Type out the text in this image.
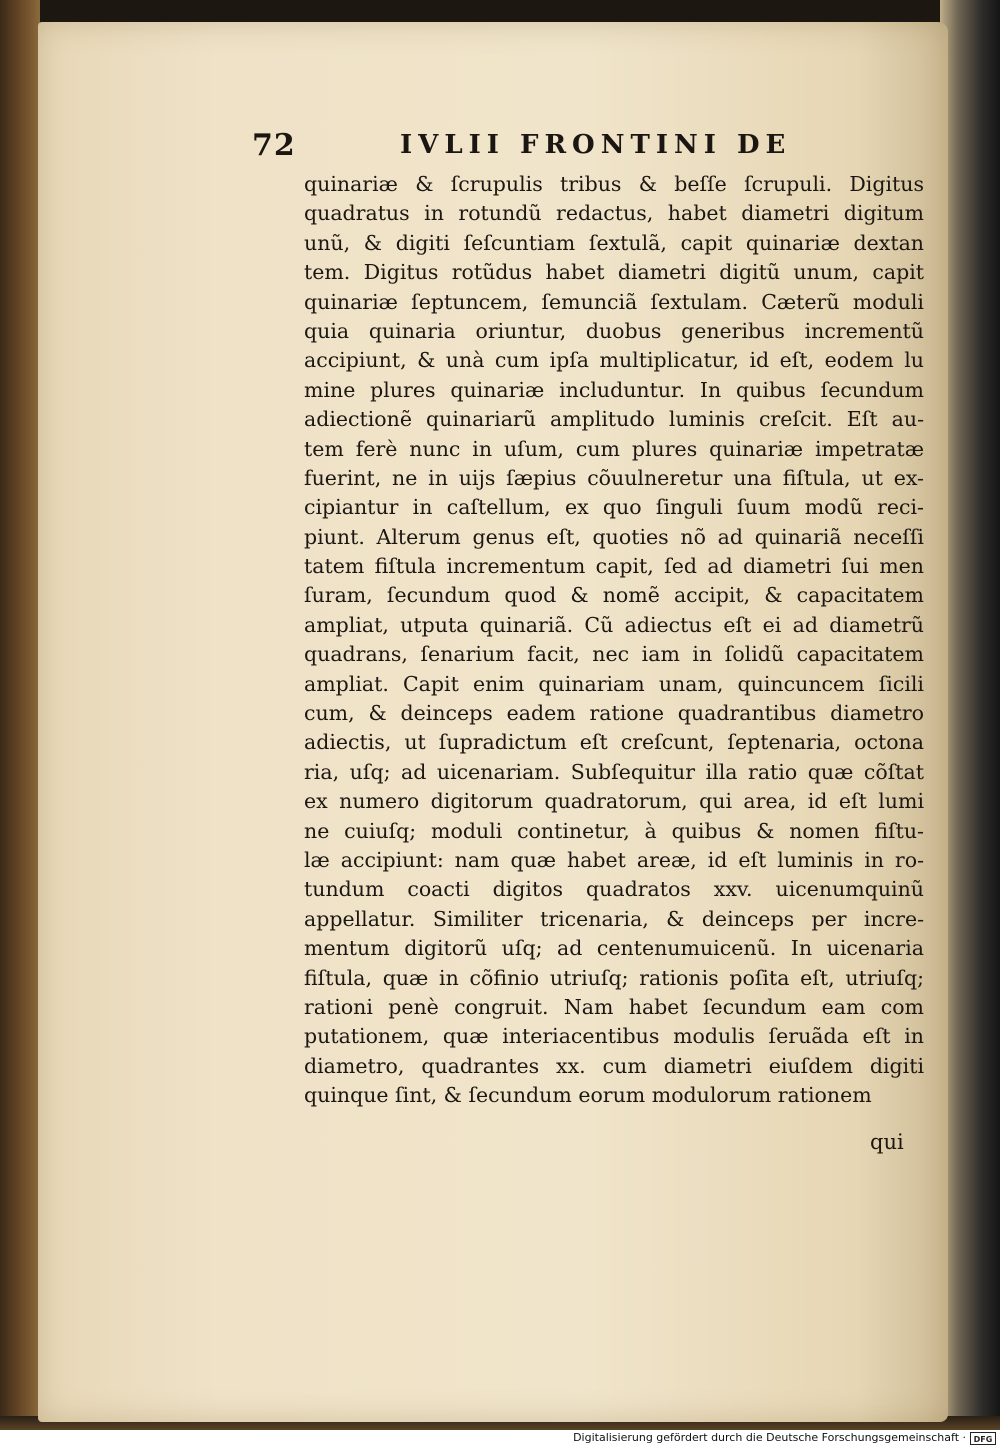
72	IVLII FRONTINI DE
quinariæ & ſcrupulis tribus & beſſe ſcrupuli. Digitus
quadratus in rotundũ redactus, habet diametri digitum
unũ, & digiti ſeſcuntiam ſextulã, capit quinariæ dextan
tem. Digitus rotũdus habet diametri digitũ unum, capit
quinariæ ſeptuncem, ſemunciã ſextulam. Cæterũ moduli
quia quinaria oriuntur, duobus generibus incrementũ
accipiunt, & unà cum ipſa multiplicatur, id eſt, eodem lu
mine plures quinariæ includuntur. In quibus ſecundum
adiectionẽ quinariarũ amplitudo luminis creſcit. Eſt au-
tem ferè nunc in uſum, cum plures quinariæ impetratæ
fuerint, ne in uijs ſæpius cõuulneretur una fiſtula, ut ex-
cipiantur in caſtellum, ex quo ſinguli ſuum modũ reci-
piunt. Alterum genus eſt, quoties nõ ad quinariã neceſſi
tatem fiſtula incrementum capit, ſed ad diametri ſui men
ſuram, ſecundum quod & nomẽ accipit, & capacitatem
ampliat, utputa quinariã. Cũ adiectus eſt ei ad diametrũ
quadrans, ſenarium facit, nec iam in ſolidũ capacitatem
ampliat. Capit enim quinariam unam, quincuncem ſicili
cum, & deinceps eadem ratione quadrantibus diametro
adiectis, ut ſupradictum eſt creſcunt, ſeptenaria, octona
ria, uſq; ad uicenariam. Subſequitur illa ratio quæ cõſtat
ex numero digitorum quadratorum, qui area, id eſt lumi
ne cuiuſq; moduli continetur, à quibus & nomen fiſtu-
læ accipiunt: nam quæ habet areæ, id eſt luminis in ro-
tundum coacti digitos quadratos xxv. uicenumquinũ
appellatur. Similiter tricenaria, & deinceps per incre-
mentum digitorũ uſq; ad centenumuicenũ. In uicenaria
fiſtula, quæ in cõfinio utriuſq; rationis poſita eſt, utriuſq;
rationi penè congruit. Nam habet ſecundum eam com
putationem, quæ interiacentibus modulis ſeruãda eſt in
diametro, quadrantes xx. cum diametri eiuſdem digiti
quinque ſint, & ſecundum eorum modulorum rationem
qui
Digitalisierung gefördert durch die Deutsche Forschungsgemeinschaft · DFG
